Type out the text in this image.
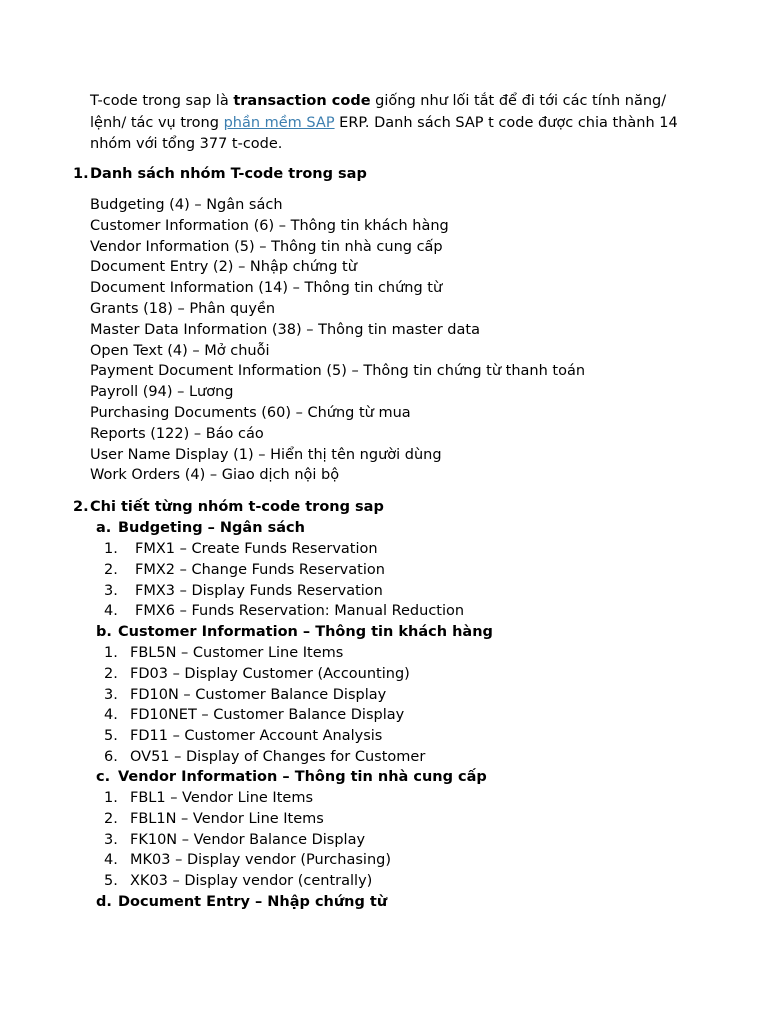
T-code trong sap là transaction code giống như lối tắt để đi tới các tính năng/ lệnh/ tác vụ trong phần mềm SAP ERP. Danh sách SAP t code được chia thành 14 nhóm với tổng 377 t-code.

1.Danh sách nhóm T-code trong sap
Budgeting (4) – Ngân sách
Customer Information (6) – Thông tin khách hàng
Vendor Information (5) – Thông tin nhà cung cấp
Document Entry (2) – Nhập chứng từ
Document Information (14) – Thông tin chứng từ
Grants (18) – Phân quyền
Master Data Information (38) – Thông tin master data
Open Text (4) – Mở chuỗi
Payment Document Information (5) – Thông tin chứng từ thanh toán
Payroll (94) – Lương
Purchasing Documents (60) – Chứng từ mua
Reports (122) – Báo cáo
User Name Display (1) – Hiển thị tên người dùng
Work Orders (4) – Giao dịch nội bộ
2.Chi tiết từng nhóm t-code trong sap
a. Budgeting – Ngân sách
1. FMX1 – Create Funds Reservation
2. FMX2 – Change Funds Reservation
3. FMX3 – Display Funds Reservation
4. FMX6 – Funds Reservation: Manual Reduction
b. Customer Information – Thông tin khách hàng
1. FBL5N – Customer Line Items
2. FD03 – Display Customer (Accounting)
3. FD10N – Customer Balance Display
4. FD10NET – Customer Balance Display
5. FD11 – Customer Account Analysis
6. OV51 – Display of Changes for Customer
c. Vendor Information – Thông tin nhà cung cấp
1. FBL1 – Vendor Line Items
2. FBL1N – Vendor Line Items
3. FK10N – Vendor Balance Display
4. MK03 – Display vendor (Purchasing)
5. XK03 – Display vendor (centrally)
d. Document Entry – Nhập chứng từ
